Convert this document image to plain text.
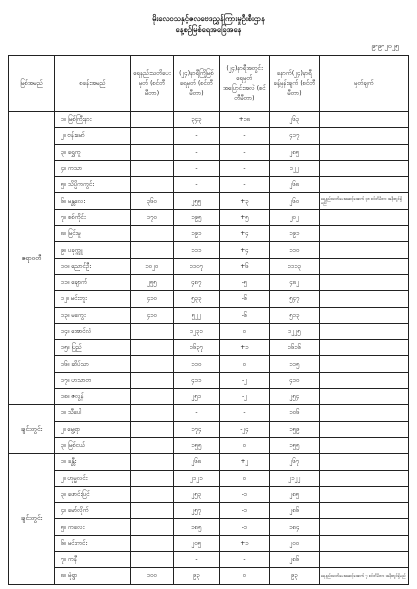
မိုးလေဝသနှင့်ဇလဗေဒညွှန်ကြားမှုဦးစီးဌာန
နေ့စဉ်မြစ်ရေအခြေအနေ
၉-၉-၂၀၂၅
မြစ်အမည်	စခန်းအမည်	ရေနည်းသတိပေးမှတ် (စင်တီမီတာ)	(၂၄)နာရီကြိုမြစ်ရေမှတ် (စင်တီမီတာ)	(၂၄)နာရီအတွင်းရေမှတ်အပြောင်းအလဲ (စင်တီမီတာ)	နောက်(၂၄)နာရီခန့်မှန်းချက် (စင်တီမီတာ)	မှတ်ချက်
ဧရာဝတီ	၁။ မြစ်ကြီးနား		၃၄၃	+၁၈	၂၆၃	
	၂။ ဗန်းမော်		-	-	၄၁၇	
	၃။ ရွှေကူ		-	-	၂၈၅	
	၄။ ကသာ		-	-	၁၂၂	
	၅။ သိပ္ပိကကွင်း		-	-	၂၆၈	
	၆။ မန္တလေး	၃၆၀	၂၅၅	+၃	၂၆၀	ရေနည်းသတိပေးအဆင့်အောက် ၃၈ စင်တီမီတာ အနီးတွင်ရှိမည်
	၇။ စစ်ကိုင်း	၁၇၀	၁၉၅	+၅	၂၀၂	
	၈။ မြင်းမူ		၁၉၁	+၄	၁၉၁	
	၉။ ပခုက္ကူ		၁၁၁	+၄	၁၁၀	
	၁၀။ ညောင်ဦး	၁၀၂၀	၁၁၀၇	+၆	၁၁၁၃	
	၁၁။ ချောက်	၂၅၅	၄၈၇	-၅	၄၈၂	
	၁၂။ မင်းဘူး	၄၁၀	၅၃၃	-၆	၅၄၇	
	၁၃။ မကွေး	၄၁၀	၅၂၂	-၆	၅၁၃	
	၁၄။ အောင်လံ		၁၂၃၁	၀	၁၂၂၅	
	၁၅။ ပြည်		၁၆၃၇	+၁	၁၆၁၆	
	၁၆။ ဆိပ်သာ		၁၁၀	၀	၁၁၅	
	၁၇။ ဟသာတ		၄၁၁	-၂	၄၁၀	
	၁၈။ ဇလွန်		၂၅၁	-၂	၂၅၄	
ချင်းတွင်း	၁။ သီပေါ		-	-	၁၀၆	
	၂။ မွေ့ရာ		၁၇၄	-၂၄	၁၅၉	
	၃။ မြစ်ငယ်		၁၅၅	၀	၁၅၅	
ချင်းတွင်း	၁။ ခန္တီး		၂၆၈	+၂	၂၆၇	
	၂။ ဟုမ္မလင်း		၂၁၂၁	၀	၂၁၂၂	
	၃။ ဖောင်းပြင်		၂၅၃	-၁	၂၈၅	
	၄။ မော်လိုက်		၂၅၇	-၁	၂၈၆	
	၅။ ကလေး		၁၈၅	-၁	၁၈၄	
	၆။ မင်းကင်း		၂၀၅	+၁	၂၀၀	
	၇။ ကနီ		-	-	၂၈၆	
	၈။ မုံရွာ	၁၀၀	၉၃	၀	၉၃	ရေနည်းသတိပေးအဆင့်အောက် ၇ စင်တီမီတာ အနီးတွင်ရှိမည်
